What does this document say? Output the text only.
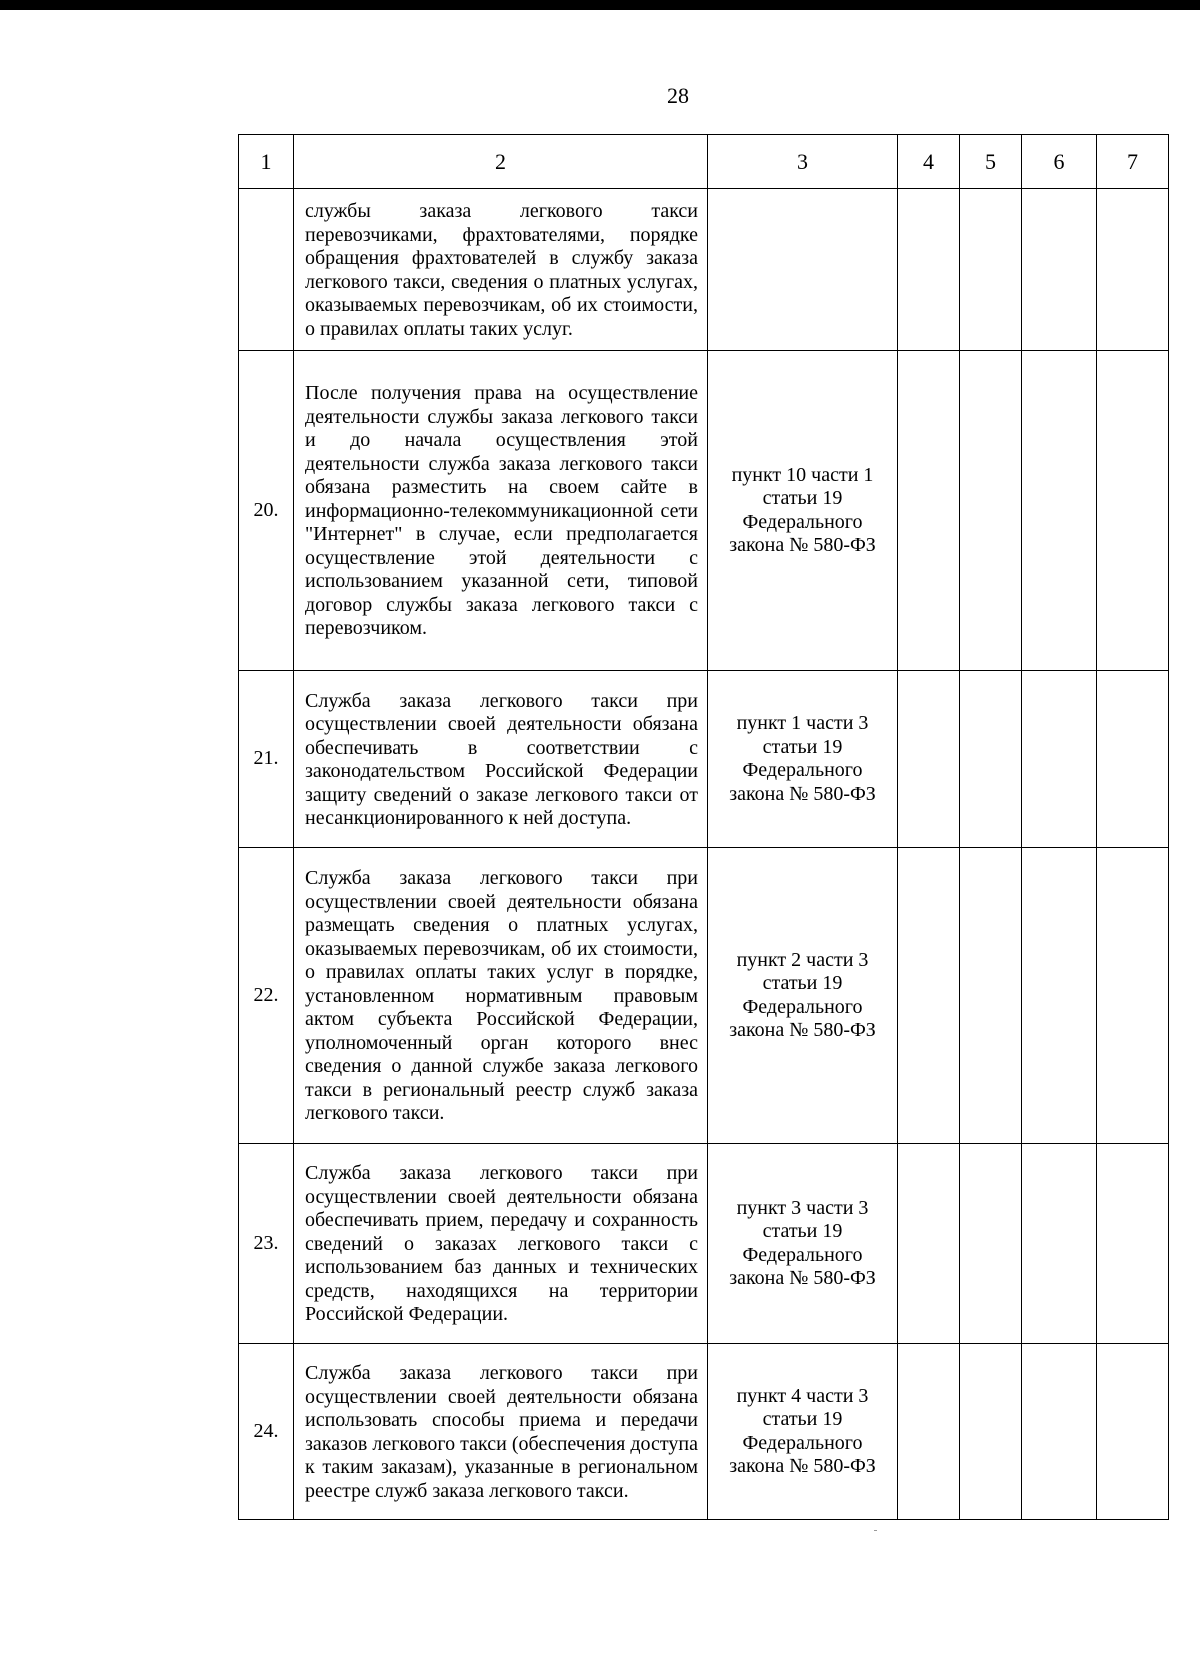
28
1	2	3	4	5	6	7

	службы заказа легкового такси перевозчиками, фрахтователями, порядке обращения фрахтователей в службу заказа легкового такси, сведения о платных услугах, оказываемых перевозчикам, об их стоимости, о правилах оплаты таких услуг.					

20.	После получения права на осуществление деятельности службы заказа легкового такси и до начала осуществления этой деятельности служба заказа легкового такси обязана разместить на своем сайте в информационно-телекоммуникационной сети "Интернет" в случае, если предполагается осуществление этой деятельности с использованием указанной сети, типовой договор службы заказа легкового такси с перевозчиком.	пункт 10 части 1 статьи 19 Федерального закона № 580-ФЗ				

21.	Служба заказа легкового такси при осуществлении своей деятельности обязана обеспечивать в соответствии с законодательством Российской Федерации защиту сведений о заказе легкового такси от несанкционированного к ней доступа.	пункт 1 части 3 статьи 19 Федерального закона № 580-ФЗ				

22.	Служба заказа легкового такси при осуществлении своей деятельности обязана размещать сведения о платных услугах, оказываемых перевозчикам, об их стоимости, о правилах оплаты таких услуг в порядке, установленном нормативным правовым актом субъекта Российской Федерации, уполномоченный орган которого внес сведения о данной службе заказа легкового такси в региональный реестр служб заказа легкового такси.	пункт 2 части 3 статьи 19 Федерального закона № 580-ФЗ				

23.	Служба заказа легкового такси при осуществлении своей деятельности обязана обеспечивать прием, передачу и сохранность сведений о заказах легкового такси с использованием баз данных и технических средств, находящихся на территории Российской Федерации.	пункт 3 части 3 статьи 19 Федерального закона № 580-ФЗ				

24.	Служба заказа легкового такси при осуществлении своей деятельности обязана использовать способы приема и передачи заказов легкового такси (обеспечения доступа к таким заказам), указанные в региональном реестре служб заказа легкового такси.	пункт 4 части 3 статьи 19 Федерального закона № 580-ФЗ				
